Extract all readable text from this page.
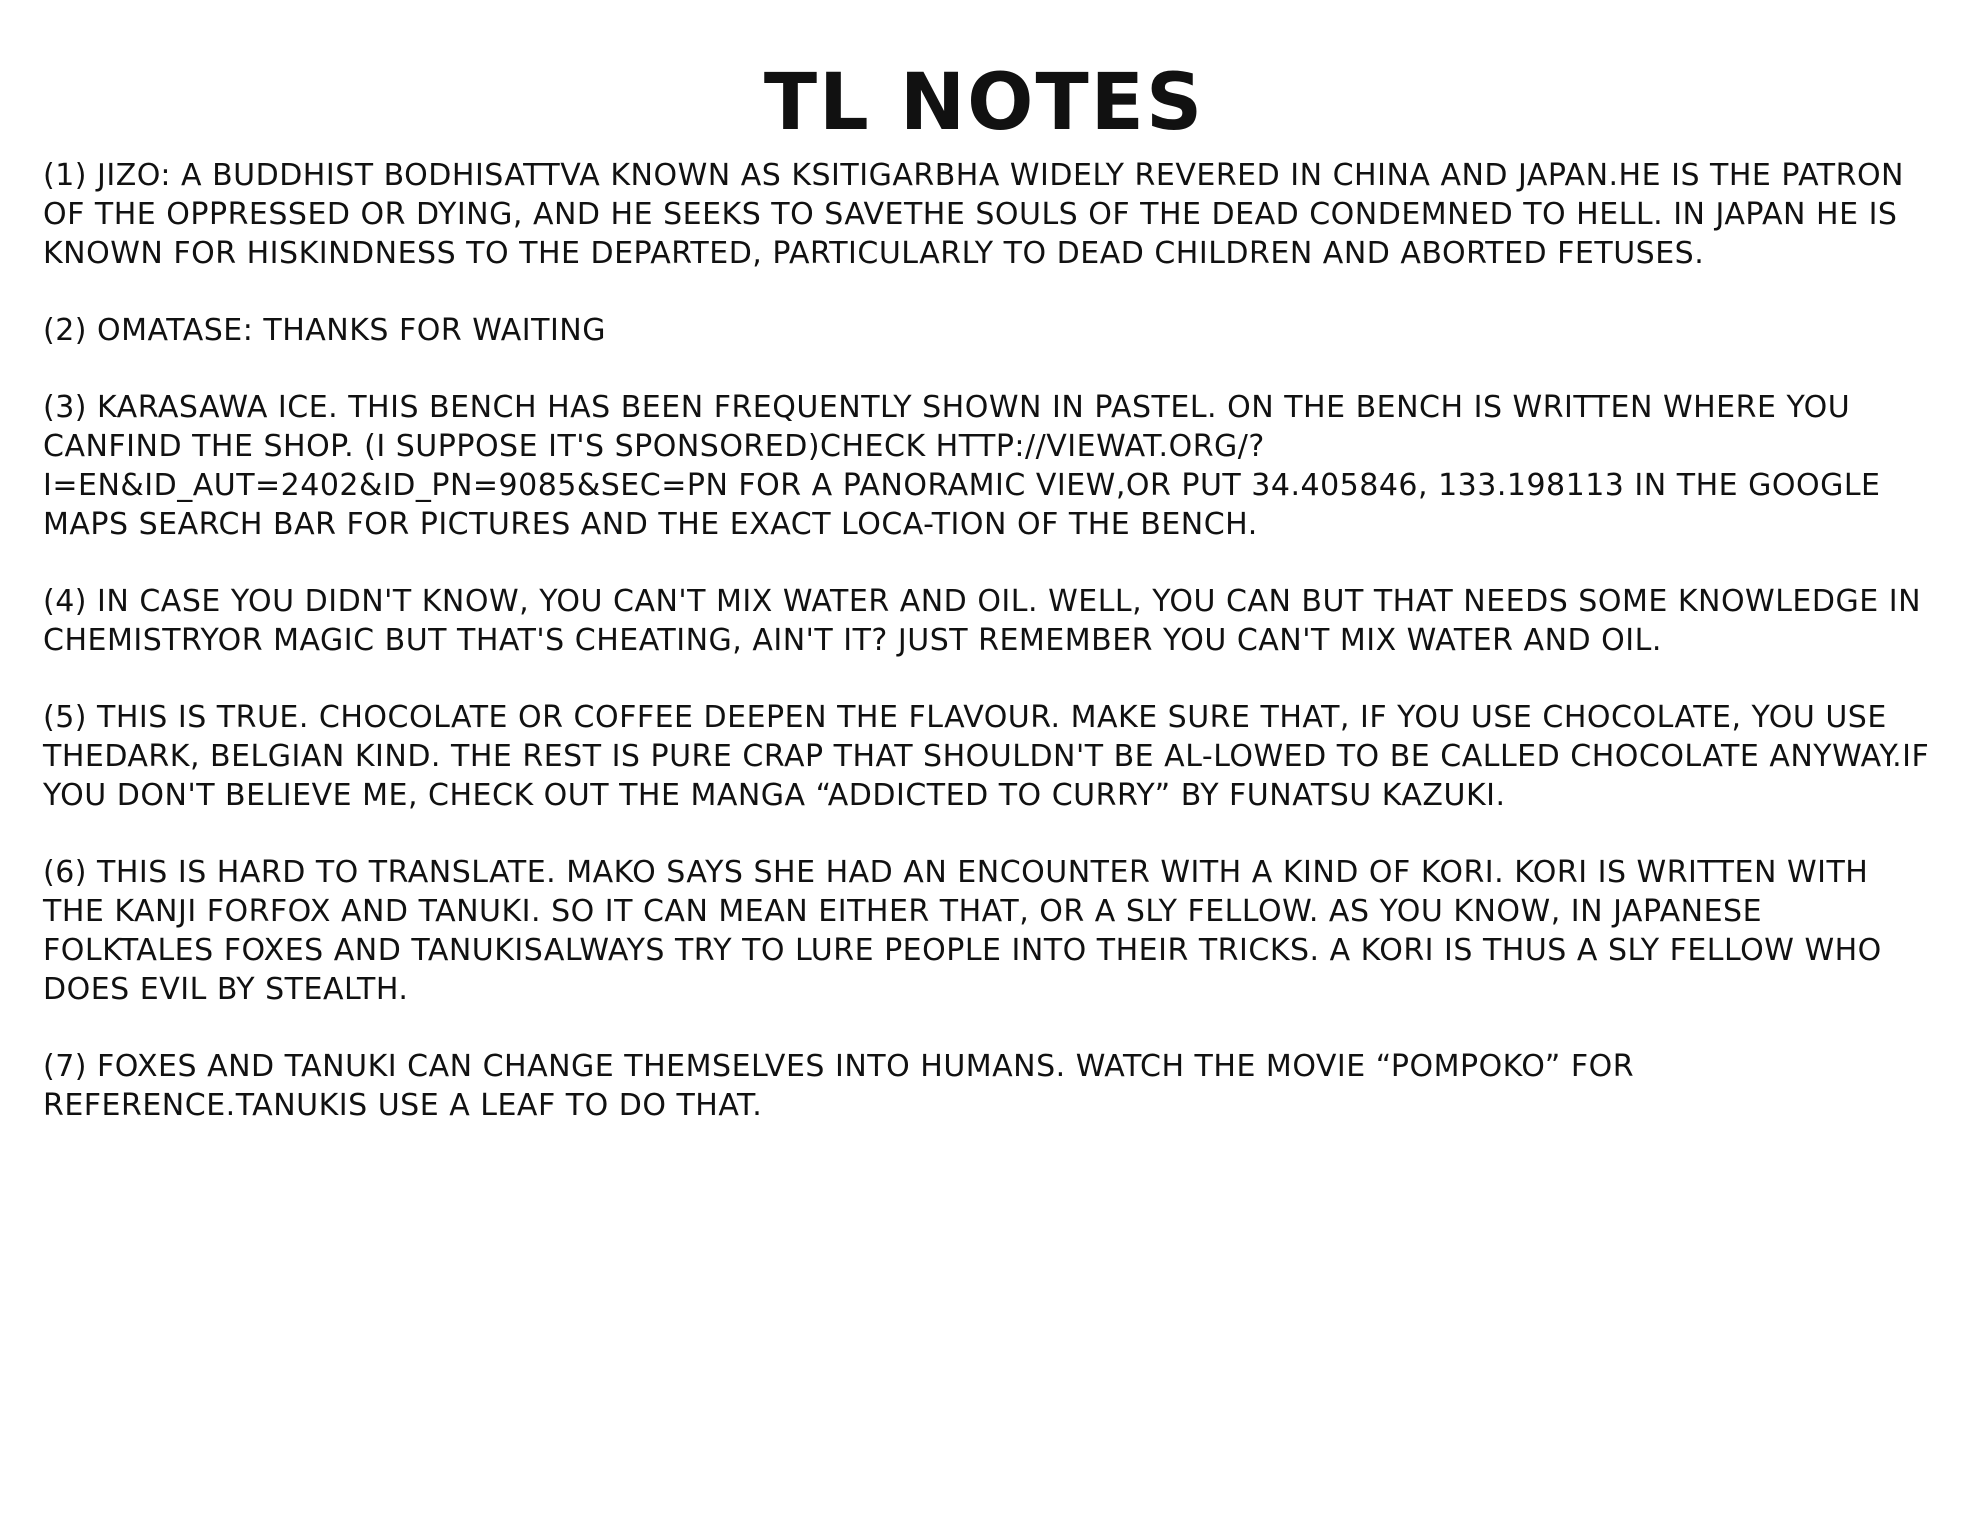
TL NOTES
(1) JIZO: A BUDDHIST BODHISATTVA KNOWN AS KSITIGARBHA WIDELY REVERED IN CHINA AND JAPAN.HE IS THE PATRON OF THE OPPRESSED OR DYING, AND HE SEEKS TO SAVETHE SOULS OF THE DEAD CONDEMNED TO HELL. IN JAPAN HE IS KNOWN FOR HISKINDNESS TO THE DEPARTED, PARTICULARLY TO DEAD CHILDREN AND ABORTED FETUSES.
(2) OMATASE: THANKS FOR WAITING
(3) KARASAWA ICE. THIS BENCH HAS BEEN FREQUENTLY SHOWN IN PASTEL. ON THE BENCH IS WRITTEN WHERE YOU CANFIND THE SHOP. (I SUPPOSE IT'S SPONSORED)CHECK HTTP://VIEWAT.ORG/?I=EN&ID_AUT=2402&ID_PN=9085&SEC=PN FOR A PANORAMIC VIEW,OR PUT 34.405846, 133.198113 IN THE GOOGLE MAPS SEARCH BAR FOR PICTURES AND THE EXACT LOCA-TION OF THE BENCH.
(4) IN CASE YOU DIDN'T KNOW, YOU CAN'T MIX WATER AND OIL. WELL, YOU CAN BUT THAT NEEDS SOME KNOWLEDGE IN CHEMISTRYOR MAGIC BUT THAT'S CHEATING, AIN'T IT? JUST REMEMBER YOU CAN'T MIX WATER AND OIL.
(5) THIS IS TRUE. CHOCOLATE OR COFFEE DEEPEN THE FLAVOUR. MAKE SURE THAT, IF YOU USE CHOCOLATE, YOU USE THEDARK, BELGIAN KIND. THE REST IS PURE CRAP THAT SHOULDN'T BE AL-LOWED TO BE CALLED CHOCOLATE ANYWAY.IF YOU DON'T BELIEVE ME, CHECK OUT THE MANGA “ADDICTED TO CURRY” BY FUNATSU KAZUKI.
(6) THIS IS HARD TO TRANSLATE. MAKO SAYS SHE HAD AN ENCOUNTER WITH A KIND OF KORI. KORI IS WRITTEN WITH THE KANJI FORFOX AND TANUKI. SO IT CAN MEAN EITHER THAT, OR A SLY FELLOW. AS YOU KNOW, IN JAPANESE FOLKTALES FOXES AND TANUKISALWAYS TRY TO LURE PEOPLE INTO THEIR TRICKS. A KORI IS THUS A SLY FELLOW WHO DOES EVIL BY STEALTH.
(7) FOXES AND TANUKI CAN CHANGE THEMSELVES INTO HUMANS. WATCH THE MOVIE “POMPOKO” FOR REFERENCE.TANUKIS USE A LEAF TO DO THAT.
